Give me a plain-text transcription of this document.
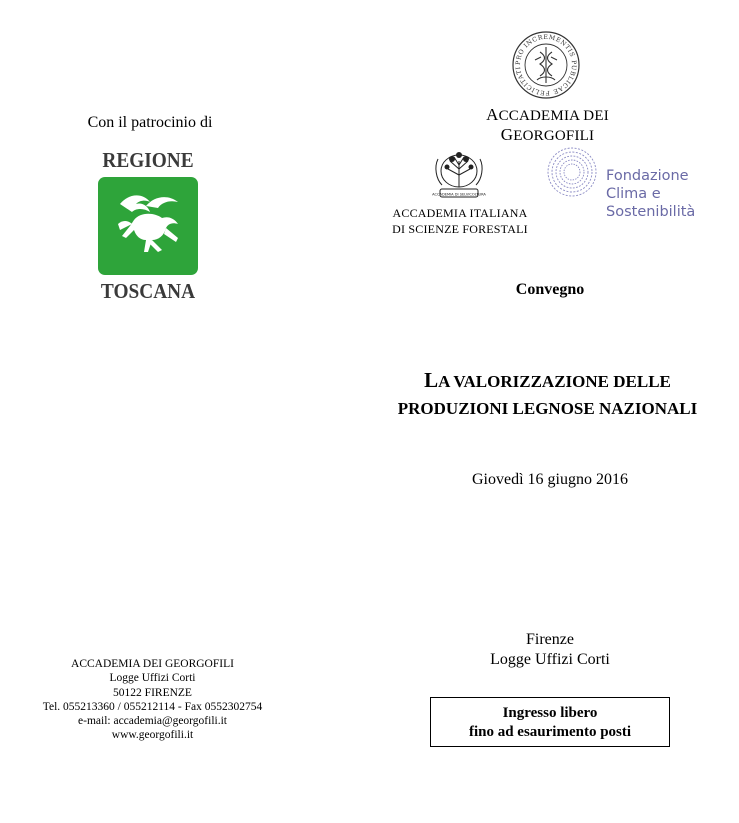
Con il patrocinio di
REGIONE
TOSCANA
PRO INCREMENTIS PUBLICAE FELICITATI
ACCADEMIA DEI GEORGOFILI
ACCADEMIA DI SELVICOLTURA
ACCADEMIA ITALIANA
DI SCIENZE FORESTALI
Fondazione
Clima e
Sostenibilità
Convegno
LA VALORIZZAZIONE DELLE
PRODUZIONI LEGNOSE NAZIONALI
Giovedì 16 giugno 2016
Firenze
Logge Uffizi Corti
Ingresso libero
fino ad esaurimento posti
ACCADEMIA DEI GEORGOFILI
Logge Uffizi Corti
50122 FIRENZE
Tel. 055213360 / 055212114 - Fax 0552302754
e-mail: accademia@georgofili.it
www.georgofili.it
